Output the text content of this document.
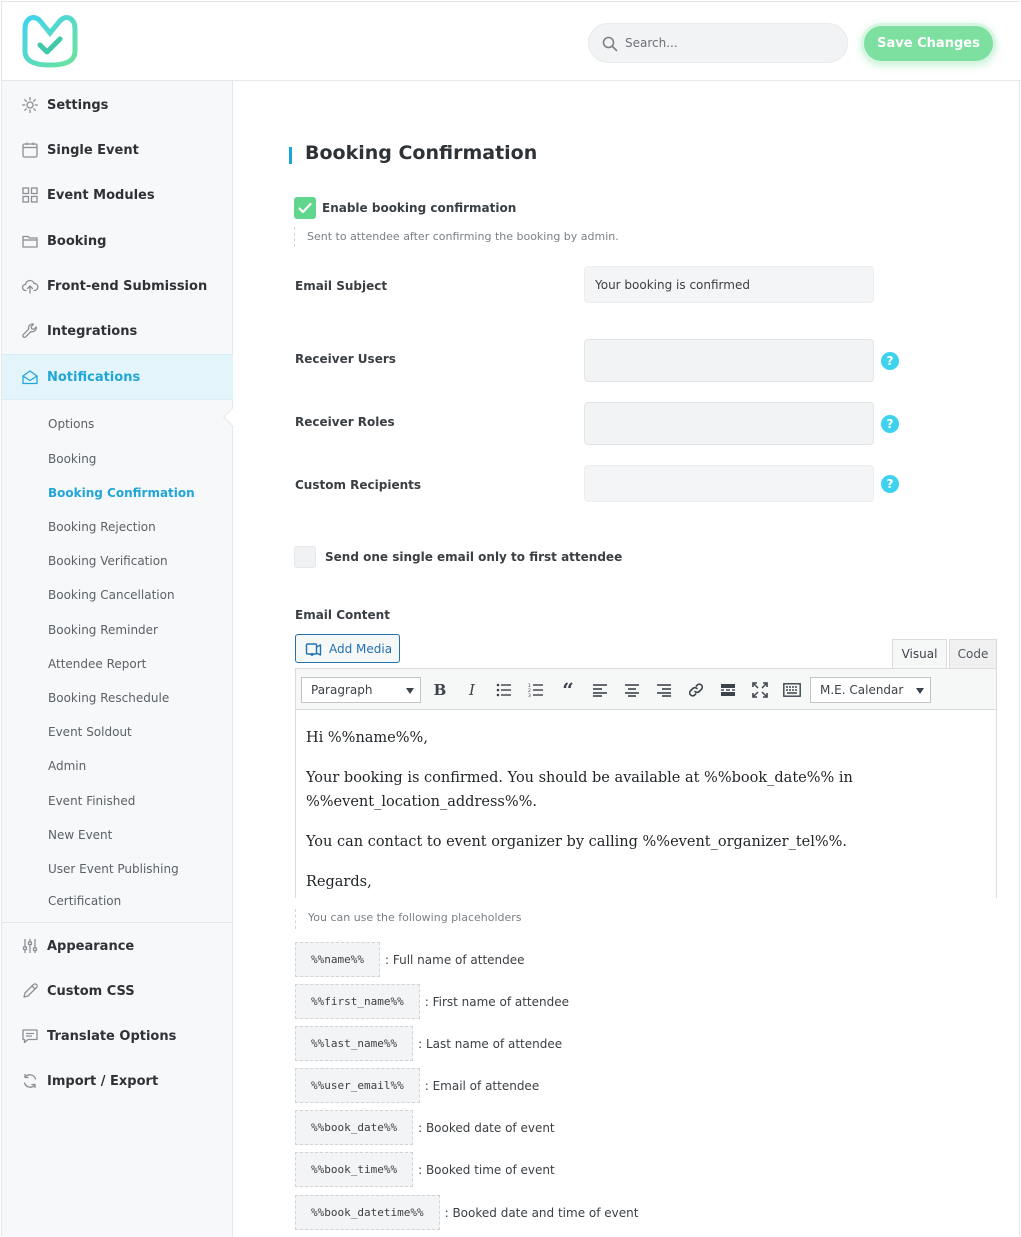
Search...
Save Changes
Settings
Single Event
Event Modules
Booking
Front-end Submission
Integrations
Notifications
Options
Booking
Booking Confirmation
Booking Rejection
Booking Verification
Booking Cancellation
Booking Reminder
Attendee Report
Booking Reschedule
Event Soldout
Admin
Event Finished
New Event
User Event Publishing
Certification
Appearance
Custom CSS
Translate Options
Import / Export
Booking Confirmation
Enable booking confirmation
Sent to attendee after confirming the booking by admin.
Email Subject	Your booking is confirmed
Receiver Users	?
Receiver Roles	?
Custom Recipients	?
Send one single email only to first attendee
Email Content
Add Media	Visual	Code
Paragraph	B	I	1
2
3 “	M.E. Calendar

Hi %%name%%,

Your booking is confirmed. You should be available at %%book_date%% in %%event_location_address%%.

You can contact to event organizer by calling %%event_organizer_tel%%.

Regards,

You can use the following placeholders
%%name%%	: Full name of attendee
%%first_name%%	: First name of attendee
%%last_name%%	: Last name of attendee
%%user_email%%	: Email of attendee
%%book_date%%	: Booked date of event
%%book_time%%	: Booked time of event
%%book_datetime%%	: Booked date and time of event
